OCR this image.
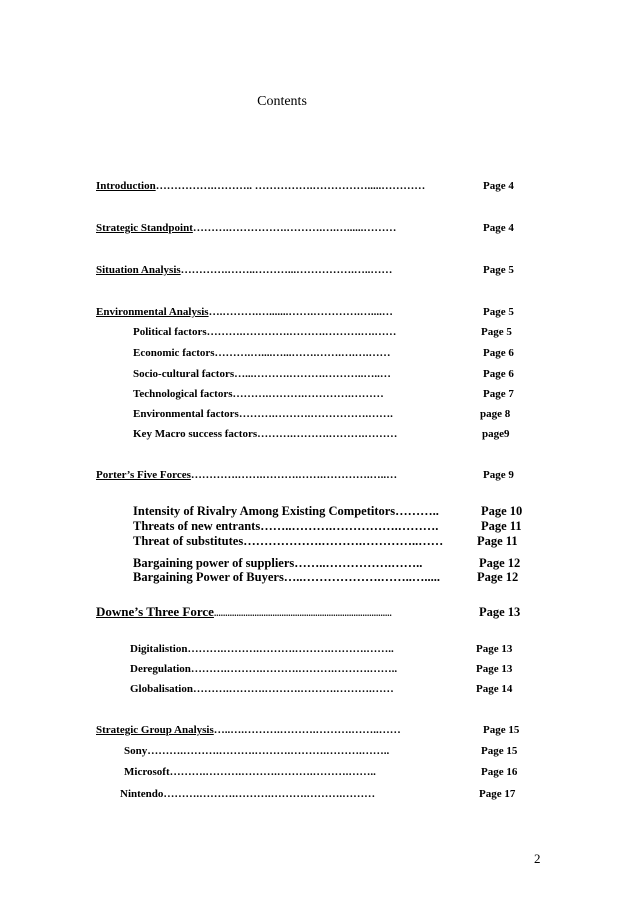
Contents
Introduction…………….……….. …………….…………….....…………	Page 4
Strategic Standpoint……….…………….……….….…......………	Page 4
Situation Analysis………….……..………...…………….…..……	Page 5
Environmental Analysis….……….….......…….………….…....…	Page 5
Political factors……….………….……….……….….……	Page 5
Economic factors……….…....…...…….…….….….……	Page 6
Socio-cultural factors…...……….……….………..…..…	Page 6
Technological factors……….……….………….………	Page 7
Environmental factors……….……….…………….…….	page 8
Key Macro success factors……….……….……….………	page9
Porter’s Five Forces………….…….……….…….………….…..…	Page 9
Intensity of Rivalry Among Existing Competitors………..	Page 10
Threats of new entrants……..……….…………….……….	Page 11
Threat of substitutes……………….……….…………..……	Page 11
Bargaining power of suppliers……..…………….……..	Page 12
Bargaining Power of Buyers…..……………….……..….....	Page 12
Downe’s Three Force...............................................................................	Page 13
Digitalistion……….……….……….……….……….……..	Page 13
Deregulation……….……….……….……….……….……..	Page 13
Globalisation……….……….……….……….……….……	Page 14
Strategic Group Analysis…..….……….……….……….……..……	Page 15
Sony……….……….……….……….……….……….……..	Page 15
Microsoft……….……….……….……….……….……..	Page 16
Nintendo……….……….……….……….……….………	Page 17
2
